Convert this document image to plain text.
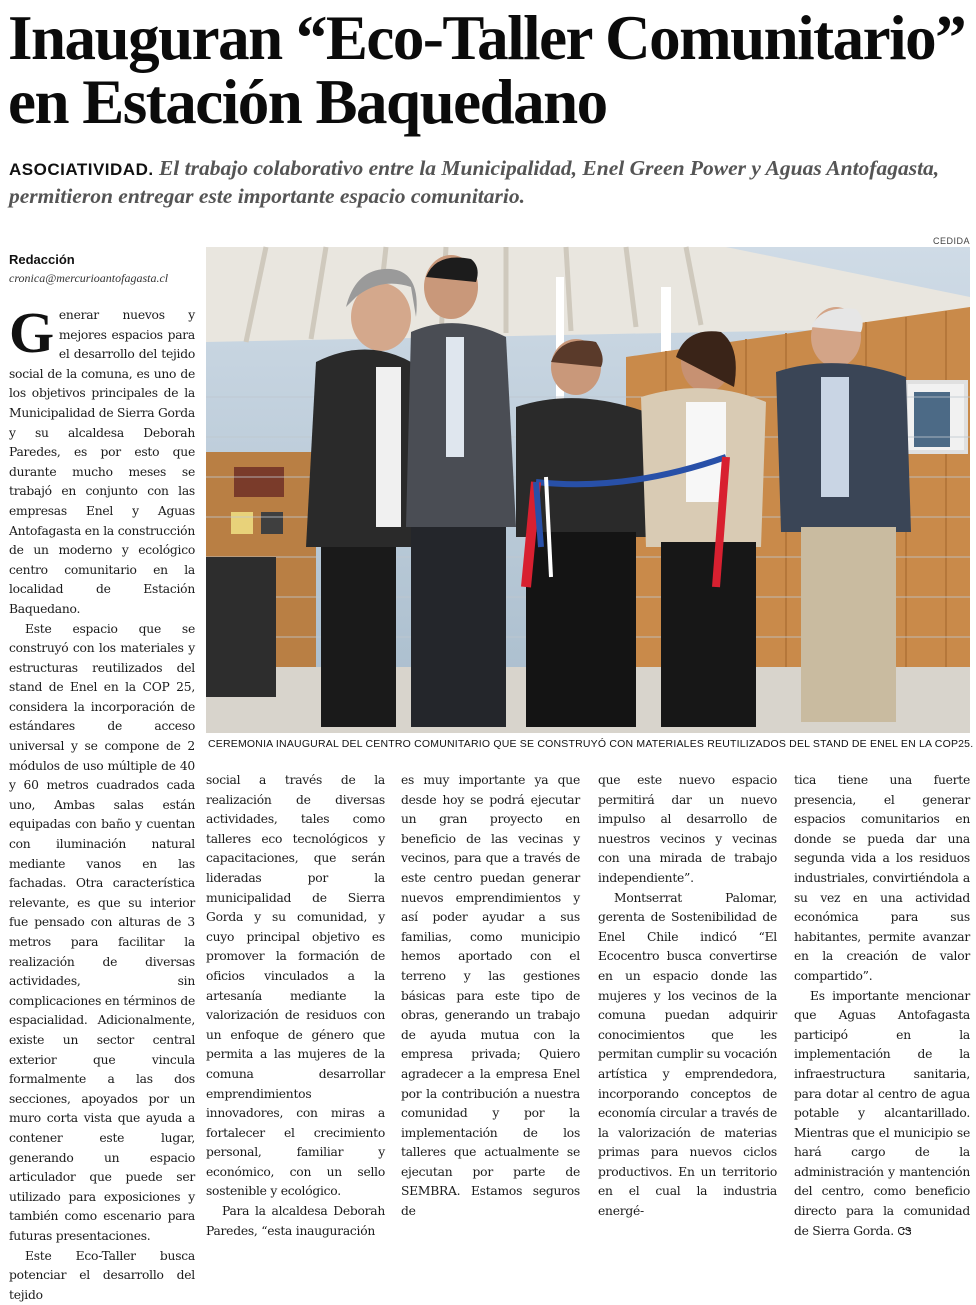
Inauguran “Eco-Taller Comunitario”
en Estación Baquedano
ASOCIATIVIDAD. El trabajo colaborativo entre la Municipalidad, Enel Green Power y Aguas Antofagasta, permitieron entregar este importante espacio comunitario.
Redacción
cronica@mercurioantofagasta.cl
CEDIDA
CEREMONIA INAUGURAL DEL CENTRO COMUNITARIO QUE SE CONSTRUYÓ CON MATERIALES REUTILIZADOS DEL STAND DE ENEL EN LA COP25.

Generar nuevos y mejores espacios para el desarrollo del tejido social de la comuna, es uno de los objetivos principales de la Municipalidad de Sierra Gorda y su alcaldesa Deborah Paredes, es por esto que durante mucho meses se trabajó en conjunto con las empresas Enel y Aguas Antofagasta en la construcción de un moderno y ecológico centro comunitario en la localidad de Estación Baquedano.

Este espacio que se construyó con los materiales y estructuras reutilizados del stand de Enel en la COP 25, considera la incorporación de estándares de acceso universal y se compone de 2 módulos de uso múltiple de 40 y 60 metros cuadrados cada uno, Ambas salas están equipadas con baño y cuentan con iluminación natural mediante vanos en las fachadas. Otra característica relevante, es que su interior fue pensado con alturas de 3 metros para facilitar la realización de diversas actividades, sin complicaciones en términos de espacialidad. Adicionalmente, existe un sector central exterior que vincula formalmente a las dos secciones, apoyados por un muro corta vista que ayuda a contener este lugar, generando un espacio articulador que puede ser utilizado para exposiciones y también como escenario para futuras presentaciones.

Este Eco-Taller busca potenciar el desarrollo del tejido

social a través de la realización de diversas actividades, tales como talleres eco tecnológicos y capacitaciones, que serán lideradas por la municipalidad de Sierra Gorda y su comunidad, y cuyo principal objetivo es promover la formación de oficios vinculados a la artesanía mediante la valorización de residuos con un enfoque de género que permita a las mujeres de la comuna desarrollar emprendimientos innovadores, con miras a fortalecer el crecimiento personal, familiar y económico, con un sello sostenible y ecológico.

Para la alcaldesa Deborah Paredes, “esta inauguración

es muy importante ya que desde hoy se podrá ejecutar un gran proyecto en beneficio de las vecinas y vecinos, para que a través de este centro puedan generar nuevos emprendimientos y así poder ayudar a sus familias, como municipio hemos aportado con el terreno y las gestiones básicas para este tipo de obras, generando un trabajo de ayuda mutua con la empresa privada; Quiero agradecer a la empresa Enel por la contribución a nuestra comunidad y por la implementación de los talleres que actualmente se ejecutan por parte de SEMBRA. Estamos seguros de

que este nuevo espacio permitirá dar un nuevo impulso al desarrollo de nuestros vecinos y vecinas con una mirada de trabajo independiente”.

Montserrat Palomar, gerenta de Sostenibilidad de Enel Chile indicó “El Ecocentro busca convertirse en un espacio donde las mujeres y los vecinos de la comuna puedan adquirir conocimientos que les permitan cumplir su vocación artística y emprendedora, incorporando conceptos de economía circular a través de la valorización de materias primas para nuevos ciclos productivos. En un territorio en el cual la industria energé-

tica tiene una fuerte presencia, el generar espacios comunitarios en donde se pueda dar una segunda vida a los residuos industriales, convirtiéndola a su vez en una actividad económica para sus habitantes, permite avanzar en la creación de valor compartido”.

Es importante mencionar que Aguas Antofagasta participó en la implementación de la infraestructura sanitaria, para dotar al centro de agua potable y alcantarillado. Mientras que el municipio se hará cargo de la administración y mantención del centro, como beneficio directo para la comunidad de Sierra Gorda. ᏣᏕ
